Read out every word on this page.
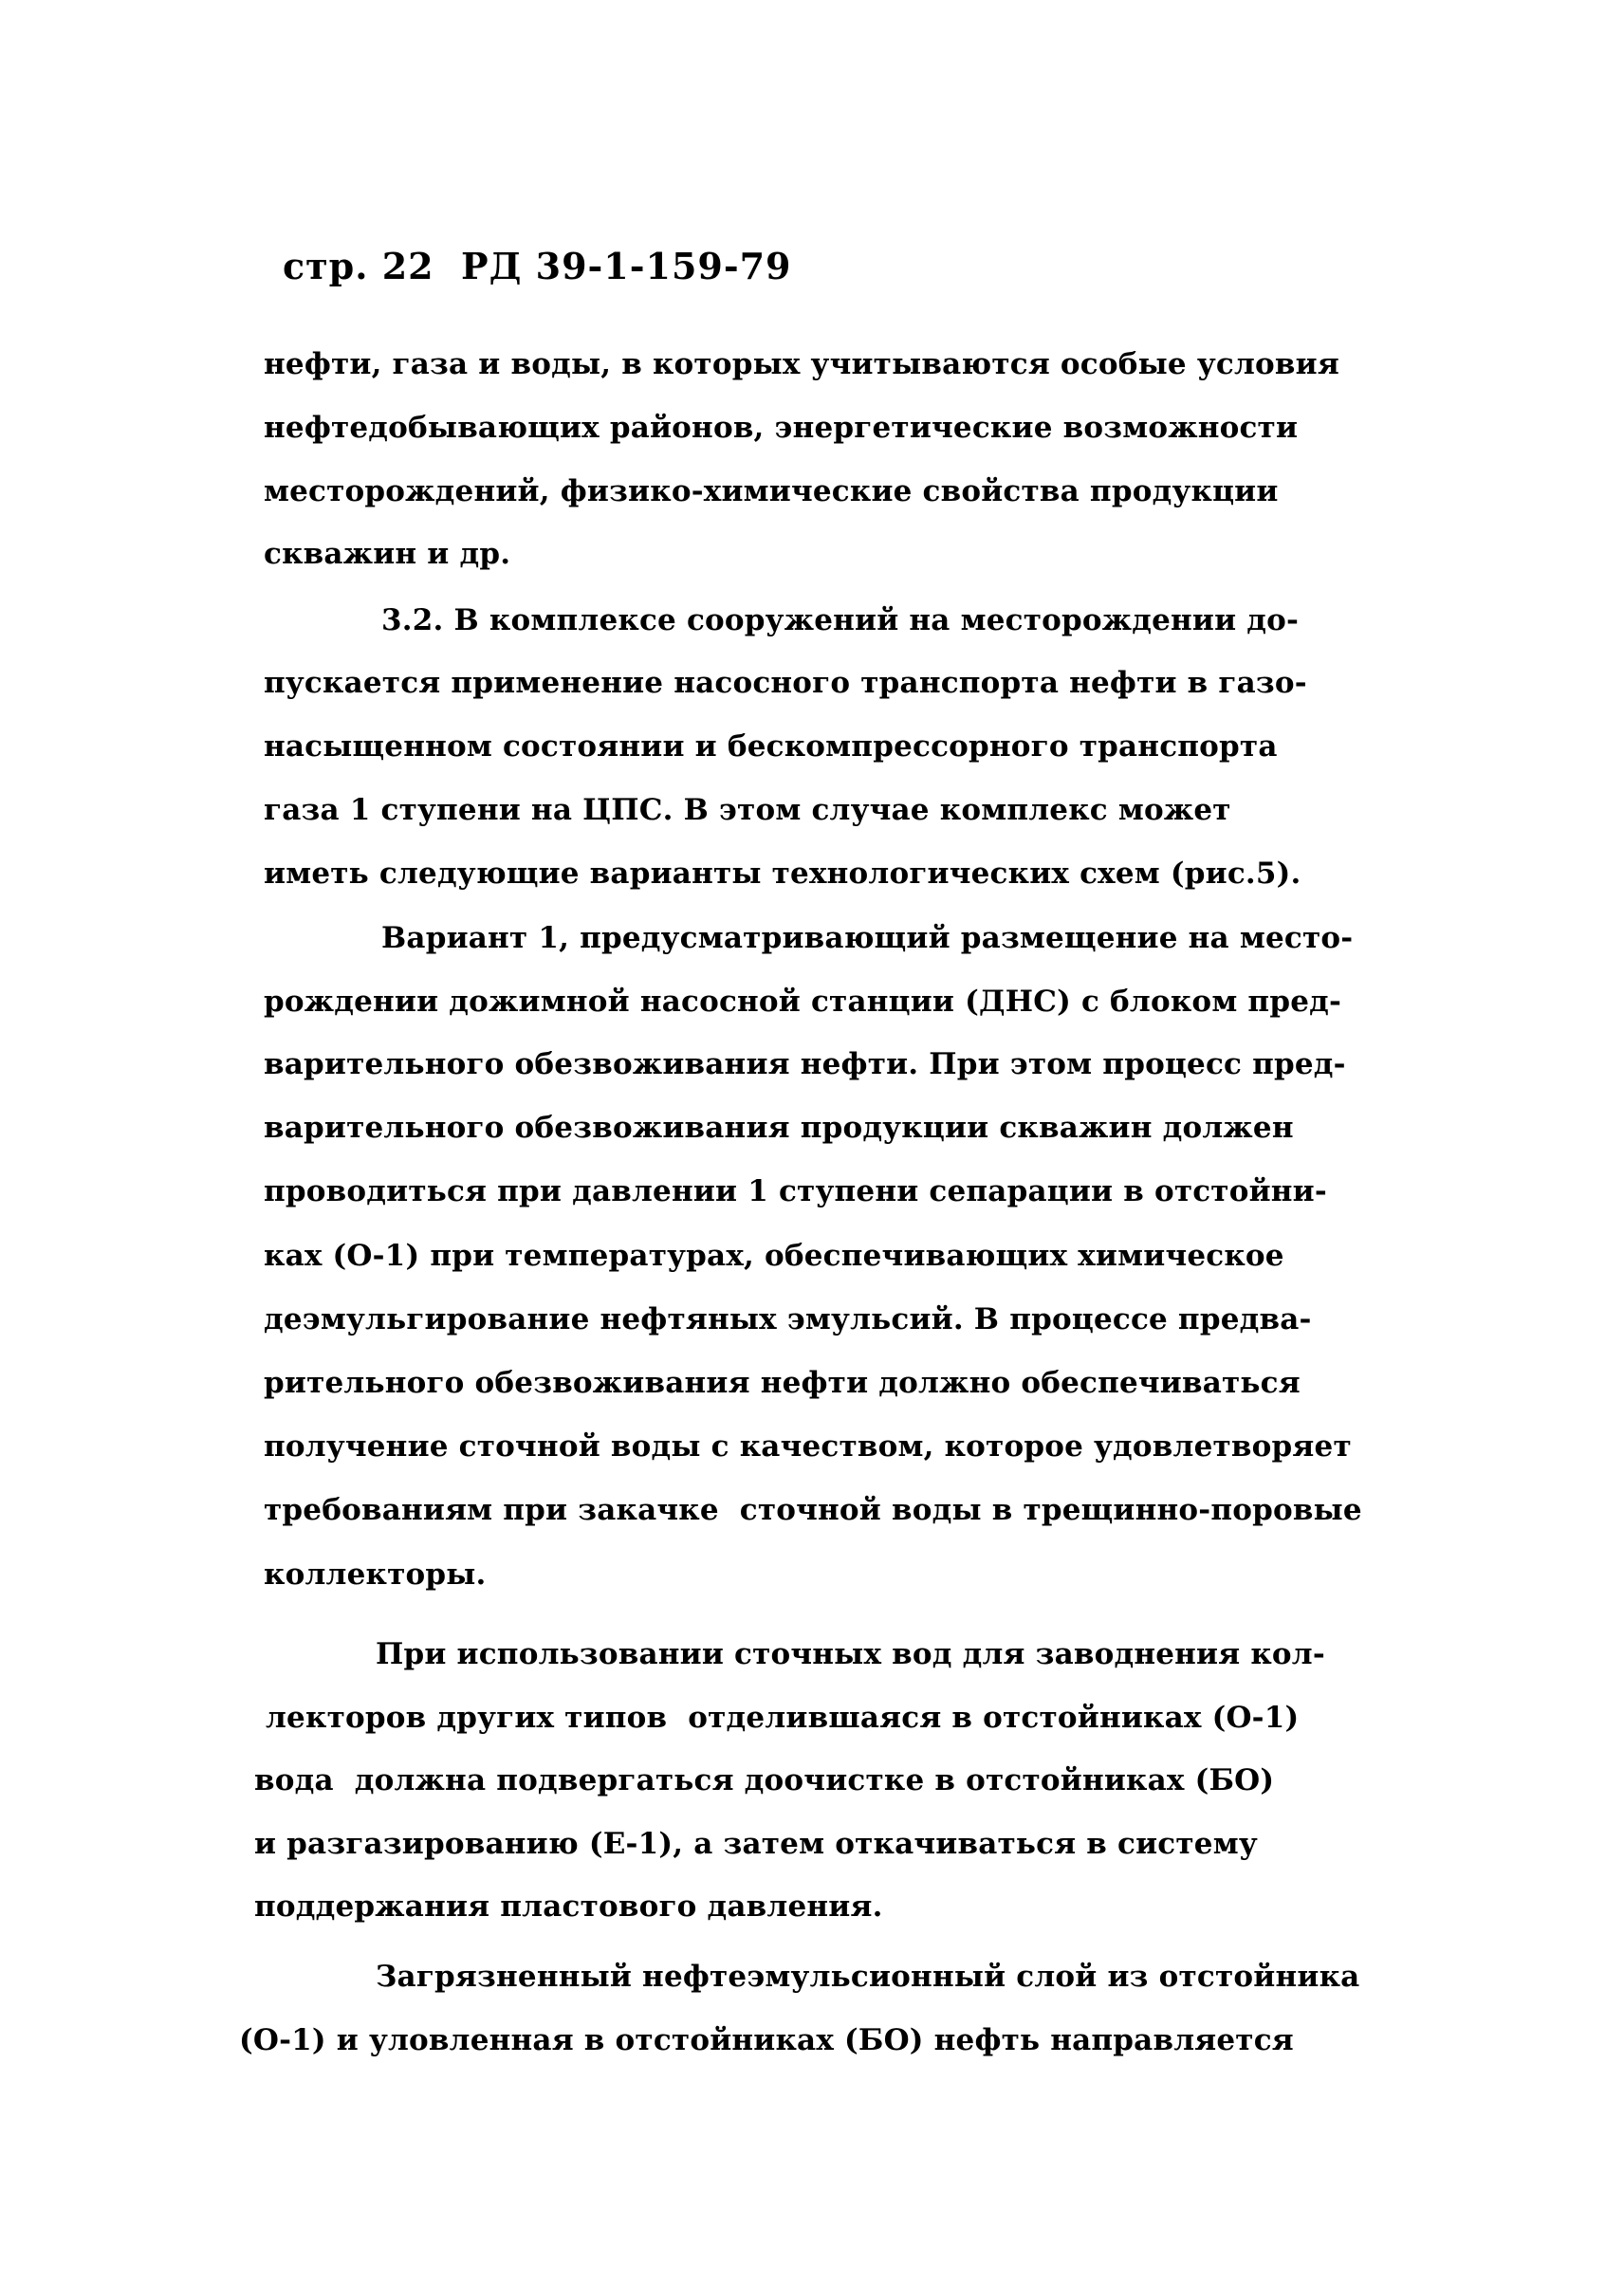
стр. 22  РД 39-1-159-79
нефти, газа и воды, в которых учитываются особые условия
нефтедобывающих районов, энергетические возможности
месторождений, физико-химические свойства продукции
скважин и др.
3.2. В комплексе сооружений на месторождении до-
пускается применение насосного транспорта нефти в газо-
насыщенном состоянии и бескомпрессорного транспорта
газа 1 ступени на ЦПС. В этом случае комплекс может
иметь следующие варианты технологических схем (рис.5).
Вариант 1, предусматривающий размещение на место-
рождении дожимной насосной станции (ДНС) с блоком пред-
варительного обезвоживания нефти. При этом процесс пред-
варительного обезвоживания продукции скважин должен
проводиться при давлении 1 ступени сепарации в отстойни-
ках (О-1) при температурах, обеспечивающих химическое
деэмульгирование нефтяных эмульсий. В процессе предва-
рительного обезвоживания нефти должно обеспечиваться
получение сточной воды с качеством, которое удовлетворяет
требованиям при закачке  сточной воды в трещинно-поровые
коллекторы.
При использовании сточных вод для заводнения кол-
лекторов других типов  отделившаяся в отстойниках (О-1)
вода  должна подвергаться доочистке в отстойниках (БО)
и разгазированию (Е-1), а затем откачиваться в систему
поддержания пластового давления.
Загрязненный нефтеэмульсионный слой из отстойника
(О-1) и уловленная в отстойниках (БО) нефть направляется
